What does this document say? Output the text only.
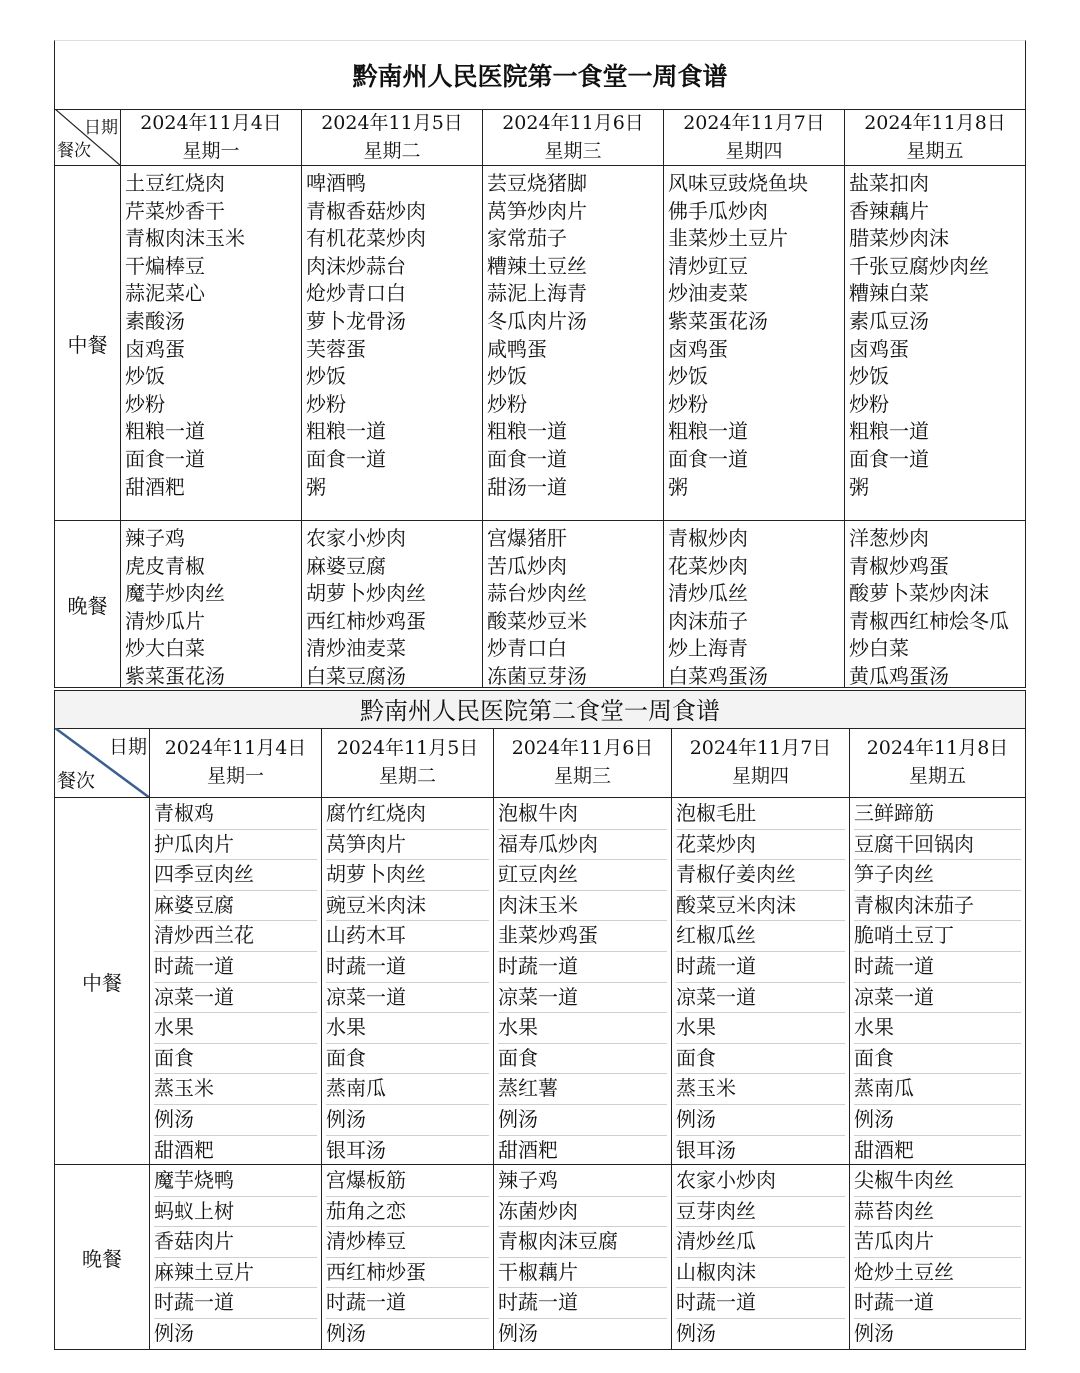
黔南州人民医院第一食堂一周食谱
日期
餐次
2024年11月4日
星期一
2024年11月5日
星期二
2024年11月6日
星期三
2024年11月7日
星期四
2024年11月8日
星期五
中餐
土豆红烧肉
芹菜炒香干
青椒肉沫玉米
干煸棒豆
蒜泥菜心
素酸汤
卤鸡蛋
炒饭
炒粉
粗粮一道
面食一道
甜酒粑
啤酒鸭
青椒香菇炒肉
有机花菜炒肉
肉沫炒蒜台
炝炒青口白
萝卜龙骨汤
芙蓉蛋
炒饭
炒粉
粗粮一道
面食一道
粥
芸豆烧猪脚
莴笋炒肉片
家常茄子
糟辣土豆丝
蒜泥上海青
冬瓜肉片汤
咸鸭蛋
炒饭
炒粉
粗粮一道
面食一道
甜汤一道
风味豆豉烧鱼块
佛手瓜炒肉
韭菜炒土豆片
清炒豇豆
炒油麦菜
紫菜蛋花汤
卤鸡蛋
炒饭
炒粉
粗粮一道
面食一道
粥
盐菜扣肉
香辣藕片
腊菜炒肉沫
千张豆腐炒肉丝
糟辣白菜
素瓜豆汤
卤鸡蛋
炒饭
炒粉
粗粮一道
面食一道
粥
晚餐
辣子鸡
虎皮青椒
魔芋炒肉丝
清炒瓜片
炒大白菜
紫菜蛋花汤
农家小炒肉
麻婆豆腐
胡萝卜炒肉丝
西红柿炒鸡蛋
清炒油麦菜
白菜豆腐汤
宫爆猪肝
苦瓜炒肉
蒜台炒肉丝
酸菜炒豆米
炒青口白
冻菌豆芽汤
青椒炒肉
花菜炒肉
清炒瓜丝
肉沫茄子
炒上海青
白菜鸡蛋汤
洋葱炒肉
青椒炒鸡蛋
酸萝卜菜炒肉沫
青椒西红柿烩冬瓜
炒白菜
黄瓜鸡蛋汤
黔南州人民医院第二食堂一周食谱
日期
餐次
2024年11月4日
星期一
2024年11月5日
星期二
2024年11月6日
星期三
2024年11月7日
星期四
2024年11月8日
星期五
中餐
青椒鸡
护瓜肉片
四季豆肉丝
麻婆豆腐
清炒西兰花
时蔬一道
凉菜一道
水果
面食
蒸玉米
例汤
甜酒粑
腐竹红烧肉
莴笋肉片
胡萝卜肉丝
豌豆米肉沫
山药木耳
时蔬一道
凉菜一道
水果
面食
蒸南瓜
例汤
银耳汤
泡椒牛肉
福寿瓜炒肉
豇豆肉丝
肉沫玉米
韭菜炒鸡蛋
时蔬一道
凉菜一道
水果
面食
蒸红薯
例汤
甜酒粑
泡椒毛肚
花菜炒肉
青椒仔姜肉丝
酸菜豆米肉沫
红椒瓜丝
时蔬一道
凉菜一道
水果
面食
蒸玉米
例汤
银耳汤
三鲜蹄筋
豆腐干回锅肉
笋子肉丝
青椒肉沫茄子
脆哨土豆丁
时蔬一道
凉菜一道
水果
面食
蒸南瓜
例汤
甜酒粑
晚餐
魔芋烧鸭
蚂蚁上树
香菇肉片
麻辣土豆片
时蔬一道
例汤
宫爆板筋
茄角之恋
清炒棒豆
西红柿炒蛋
时蔬一道
例汤
辣子鸡
冻菌炒肉
青椒肉沫豆腐
干椒藕片
时蔬一道
例汤
农家小炒肉
豆芽肉丝
清炒丝瓜
山椒肉沫
时蔬一道
例汤
尖椒牛肉丝
蒜苔肉丝
苦瓜肉片
炝炒土豆丝
时蔬一道
例汤
